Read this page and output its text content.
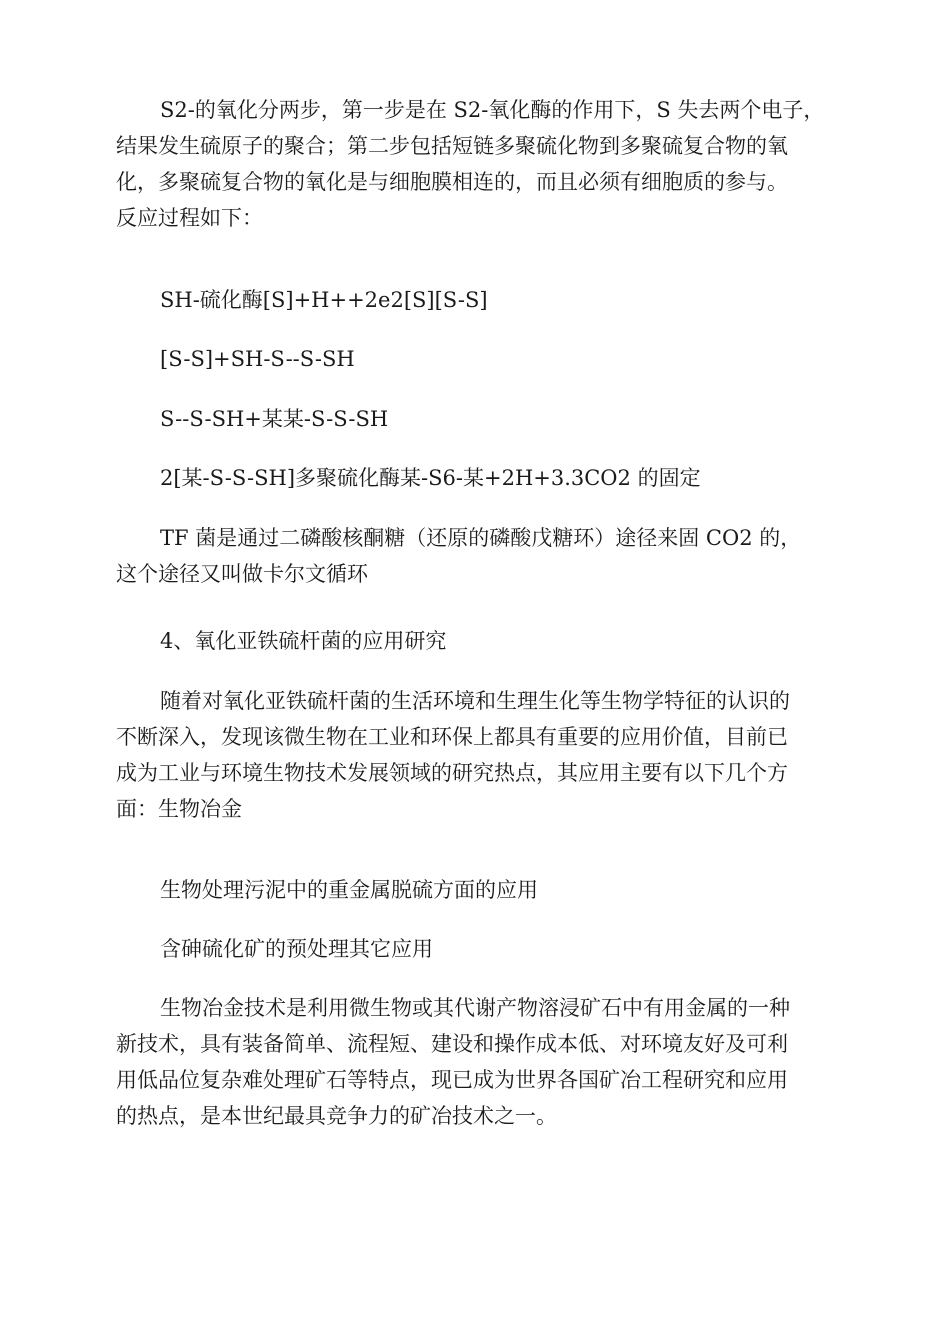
S2-的氧化分两步，第一步是在 S2-氧化酶的作用下，S 失去两个电子，
结果发生硫原子的聚合；第二步包括短链多聚硫化物到多聚硫复合物的氧
化，多聚硫复合物的氧化是与细胞膜相连的，而且必须有细胞质的参与。
反应过程如下：

SH-硫化酶[S]+H++2e2[S][S-S]

[S-S]+SH-S--S-SH

S--S-SH+某某-S-S-SH

2[某-S-S-SH]多聚硫化酶某-S6-某+2H+3.3CO2 的固定

TF 菌是通过二磷酸核酮糖（还原的磷酸戊糖环）途径来固 CO2 的，
这个途径又叫做卡尔文循环

4、氧化亚铁硫杆菌的应用研究

随着对氧化亚铁硫杆菌的生活环境和生理生化等生物学特征的认识的
不断深入，发现该微生物在工业和环保上都具有重要的应用价值，目前已
成为工业与环境生物技术发展领域的研究热点，其应用主要有以下几个方
面：生物冶金

生物处理污泥中的重金属脱硫方面的应用

含砷硫化矿的预处理其它应用

生物冶金技术是利用微生物或其代谢产物溶浸矿石中有用金属的一种
新技术，具有装备简单、流程短、建设和操作成本低、对环境友好及可利
用低品位复杂难处理矿石等特点，现已成为世界各国矿冶工程研究和应用
的热点，是本世纪最具竞争力的矿冶技术之一。
